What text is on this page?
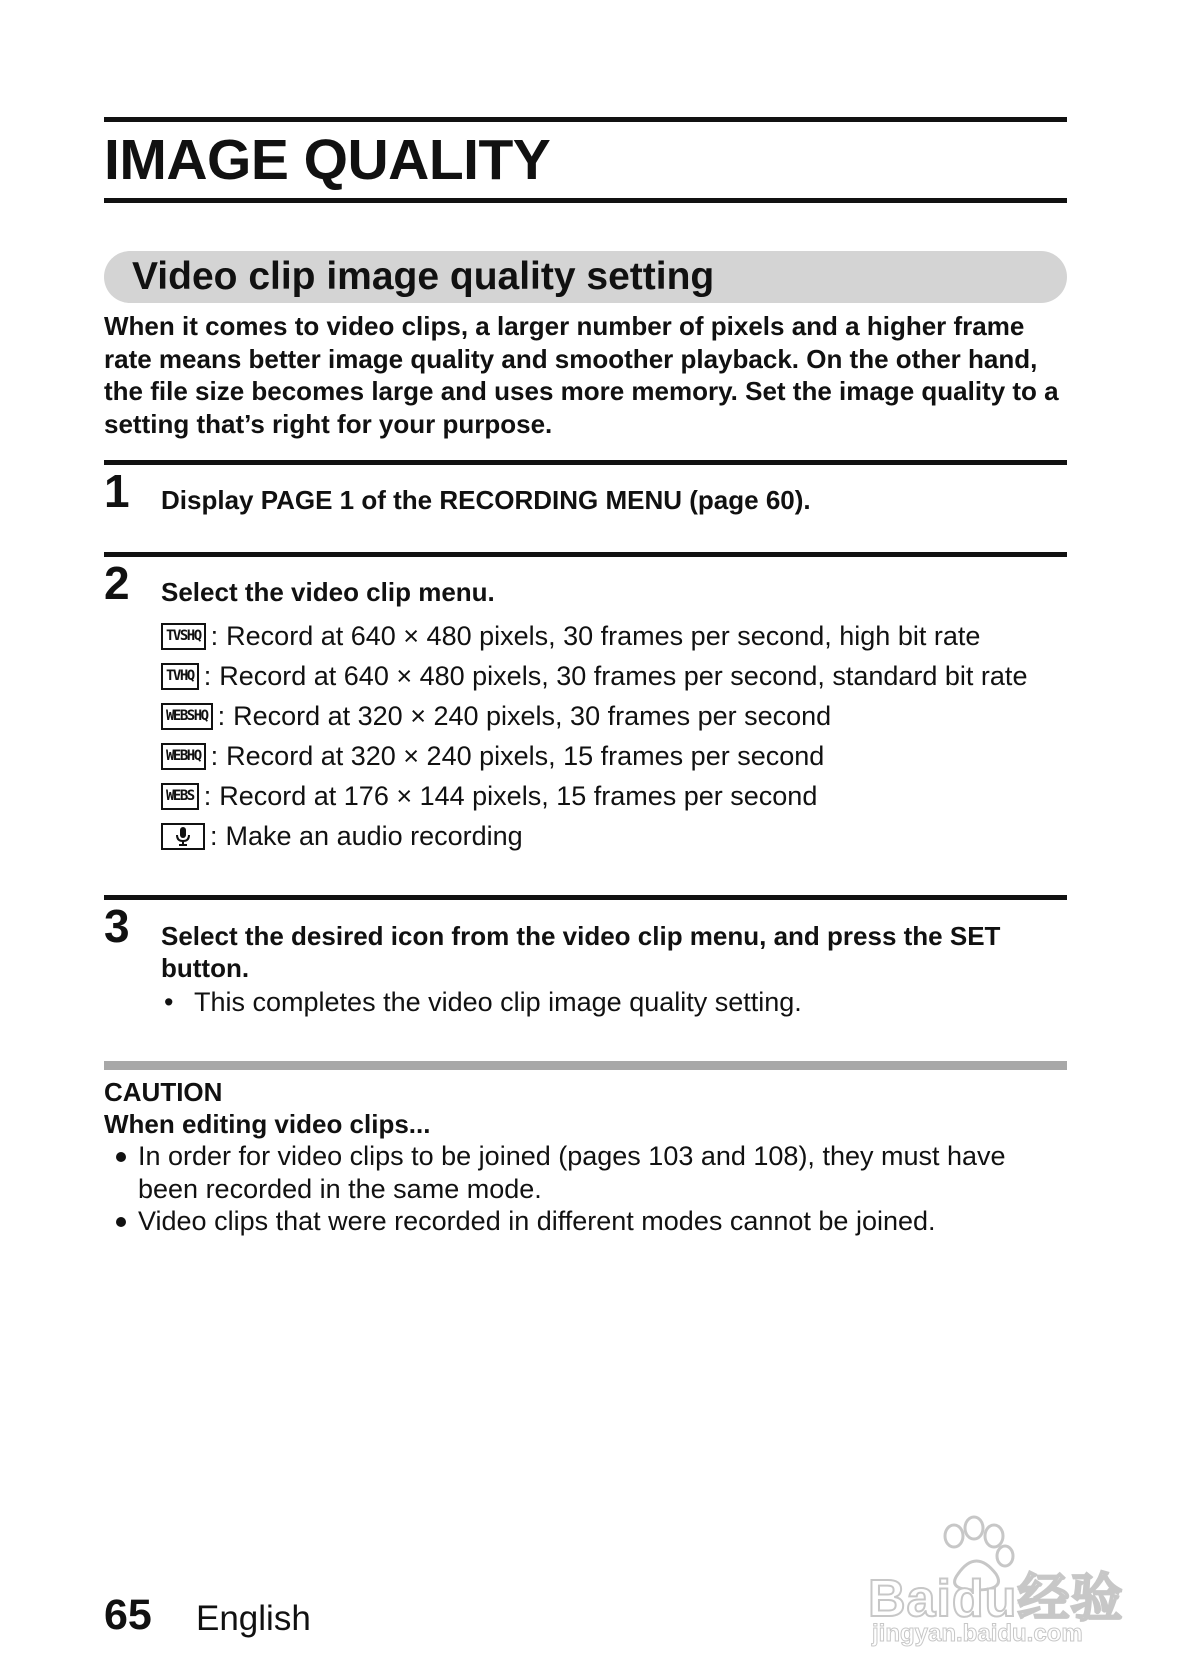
IMAGE QUALITY
Video clip image quality setting

When it comes to video clips, a larger number of pixels and a higher frame rate means better image quality and smoother playback. On the other hand, the file size becomes large and uses more memory. Set the image quality to a setting that’s right for your purpose.

1 Display PAGE 1 of the RECORDING MENU (page 60).

2 Select the video clip menu.

TVSHQ : Record at 640 × 480 pixels, 30 frames per second, high bit rate
TVHQ : Record at 640 × 480 pixels, 30 frames per second, standard bit rate
WEBSHQ : Record at 320 × 240 pixels, 30 frames per second
WEBHQ : Record at 320 × 240 pixels, 15 frames per second
WEBS : Record at 176 × 144 pixels, 15 frames per second
: Make an audio recording
3 Select the desired icon from the video clip menu, and press the SET button.

• This completes the video clip image quality setting.

CAUTION

When editing video clips...

In order for video clips to be joined (pages 103 and 108), they must have been recorded in the same mode.
Video clips that were recorded in different modes cannot be joined.
65 English	Baidu经验
jingyan.baidu.com
